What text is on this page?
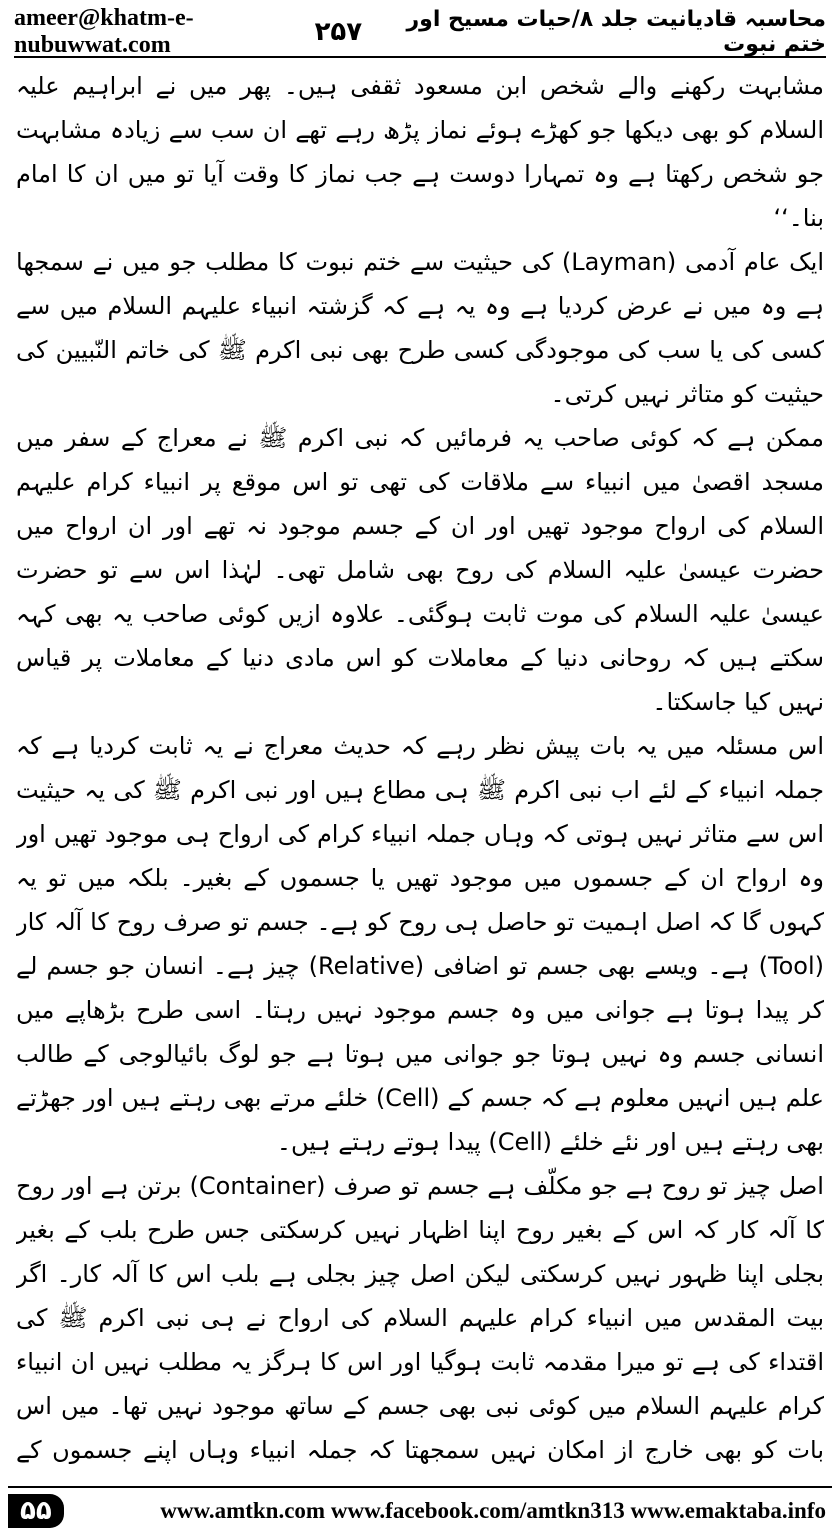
ameer@khatm-e-nubuwwat.com	۲۵۷	محاسبہ قادیانیت جلد ۸/حیات مسیح اور ختم نبوت

مشابہت رکھنے والے شخص ابن مسعود ثقفی ہیں۔ پھر میں نے ابراہیم علیہ السلام کو بھی دیکھا جو کھڑے ہوئے نماز پڑھ رہے تھے ان سب سے زیادہ مشابہت جو شخص رکھتا ہے وہ تمہارا دوست ہے جب نماز کا وقت آیا تو میں ان کا امام بنا۔‘‘

ایک عام آدمی (Layman) کی حیثیت سے ختم نبوت کا مطلب جو میں نے سمجھا ہے وہ میں نے عرض کردیا ہے وہ یہ ہے کہ گزشتہ انبیاء علیہم السلام میں سے کسی کی یا سب کی موجودگی کسی طرح بھی نبی اکرم ﷺ کی خاتم النّبیین کی حیثیت کو متاثر نہیں کرتی۔

ممکن ہے کہ کوئی صاحب یہ فرمائیں کہ نبی اکرم ﷺ نے معراج کے سفر میں مسجد اقصیٰ میں انبیاء سے ملاقات کی تھی تو اس موقع پر انبیاء کرام علیہم السلام کی ارواح موجود تھیں اور ان کے جسم موجود نہ تھے اور ان ارواح میں حضرت عیسیٰ علیہ السلام کی روح بھی شامل تھی۔ لہٰذا اس سے تو حضرت عیسیٰ علیہ السلام کی موت ثابت ہوگئی۔ علاوہ ازیں کوئی صاحب یہ بھی کہہ سکتے ہیں کہ روحانی دنیا کے معاملات کو اس مادی دنیا کے معاملات پر قیاس نہیں کیا جاسکتا۔

اس مسئلہ میں یہ بات پیش نظر رہے کہ حدیث معراج نے یہ ثابت کردیا ہے کہ جملہ انبیاء کے لئے اب نبی اکرم ﷺ ہی مطاع ہیں اور نبی اکرم ﷺ کی یہ حیثیت اس سے متاثر نہیں ہوتی کہ وہاں جملہ انبیاء کرام کی ارواح ہی موجود تھیں اور وہ ارواح ان کے جسموں میں موجود تھیں یا جسموں کے بغیر۔ بلکہ میں تو یہ کہوں گا کہ اصل اہمیت تو حاصل ہی روح کو ہے۔ جسم تو صرف روح کا آلہ کار (Tool) ہے۔ ویسے بھی جسم تو اضافی (Relative) چیز ہے۔ انسان جو جسم لے کر پیدا ہوتا ہے جوانی میں وہ جسم موجود نہیں رہتا۔ اسی طرح بڑھاپے میں انسانی جسم وہ نہیں ہوتا جو جوانی میں ہوتا ہے جو لوگ بائیالوجی کے طالب علم ہیں انہیں معلوم ہے کہ جسم کے (Cell) خلئے مرتے بھی رہتے ہیں اور جھڑتے بھی رہتے ہیں اور نئے خلئے (Cell) پیدا ہوتے رہتے ہیں۔

اصل چیز تو روح ہے جو مکلّف ہے جسم تو صرف (Container) برتن ہے اور روح کا آلہ کار کہ اس کے بغیر روح اپنا اظہار نہیں کرسکتی جس طرح بلب کے بغیر بجلی اپنا ظہور نہیں کرسکتی لیکن اصل چیز بجلی ہے بلب اس کا آلہ کار۔ اگر بیت المقدس میں انبیاء کرام علیہم السلام کی ارواح نے ہی نبی اکرم ﷺ کی اقتداء کی ہے تو میرا مقدمہ ثابت ہوگیا اور اس کا ہرگز یہ مطلب نہیں ان انبیاء کرام علیہم السلام میں کوئی نبی بھی جسم کے ساتھ موجود نہیں تھا۔ میں اس بات کو بھی خارج از امکان نہیں سمجھتا کہ جملہ انبیاء وہاں اپنے جسموں کے

۵۵	www.amtkn.com www.facebook.com/amtkn313 www.emaktaba.info
